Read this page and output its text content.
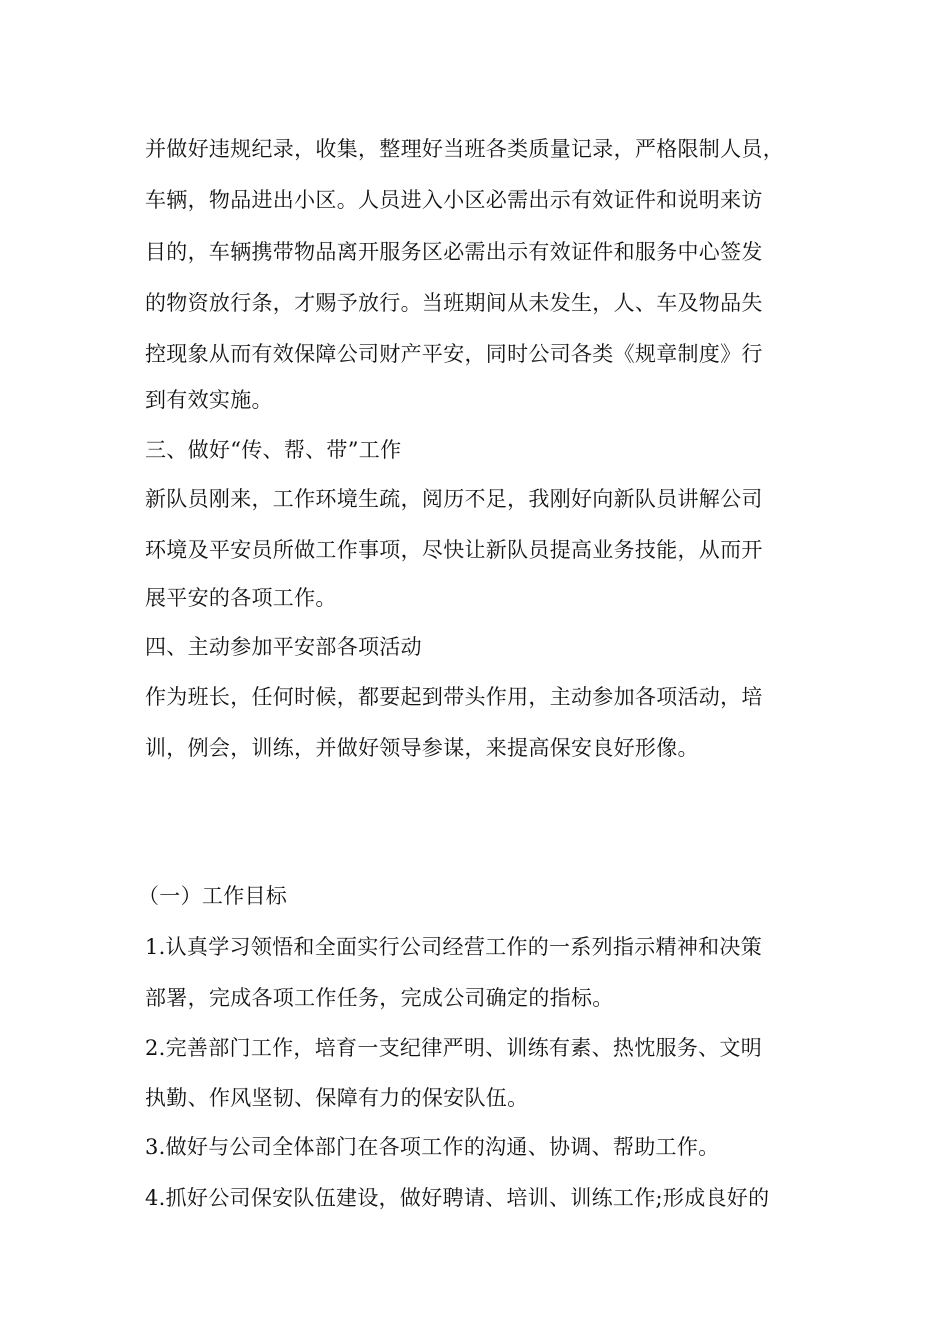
并做好违规纪录，收集，整理好当班各类质量记录，严格限制人员，
车辆，物品进出小区。人员进入小区必需出示有效证件和说明来访
目的，车辆携带物品离开服务区必需出示有效证件和服务中心签发
的物资放行条，才赐予放行。当班期间从未发生，人、车及物品失
控现象从而有效保障公司财产平安，同时公司各类《规章制度》行
到有效实施。
三、做好“传、帮、带”工作
新队员刚来，工作环境生疏，阅历不足，我刚好向新队员讲解公司
环境及平安员所做工作事项，尽快让新队员提高业务技能，从而开
展平安的各项工作。
四、主动参加平安部各项活动
作为班长，任何时候，都要起到带头作用，主动参加各项活动，培
训，例会，训练，并做好领导参谋，来提高保安良好形像。
（一）工作目标
1.认真学习领悟和全面实行公司经营工作的一系列指示精神和决策
部署，完成各项工作任务，完成公司确定的指标。
2.完善部门工作，培育一支纪律严明、训练有素、热忱服务、文明
执勤、作风坚韧、保障有力的保安队伍。
3.做好与公司全体部门在各项工作的沟通、协调、帮助工作。
4.抓好公司保安队伍建设，做好聘请、培训、训练工作;形成良好的
